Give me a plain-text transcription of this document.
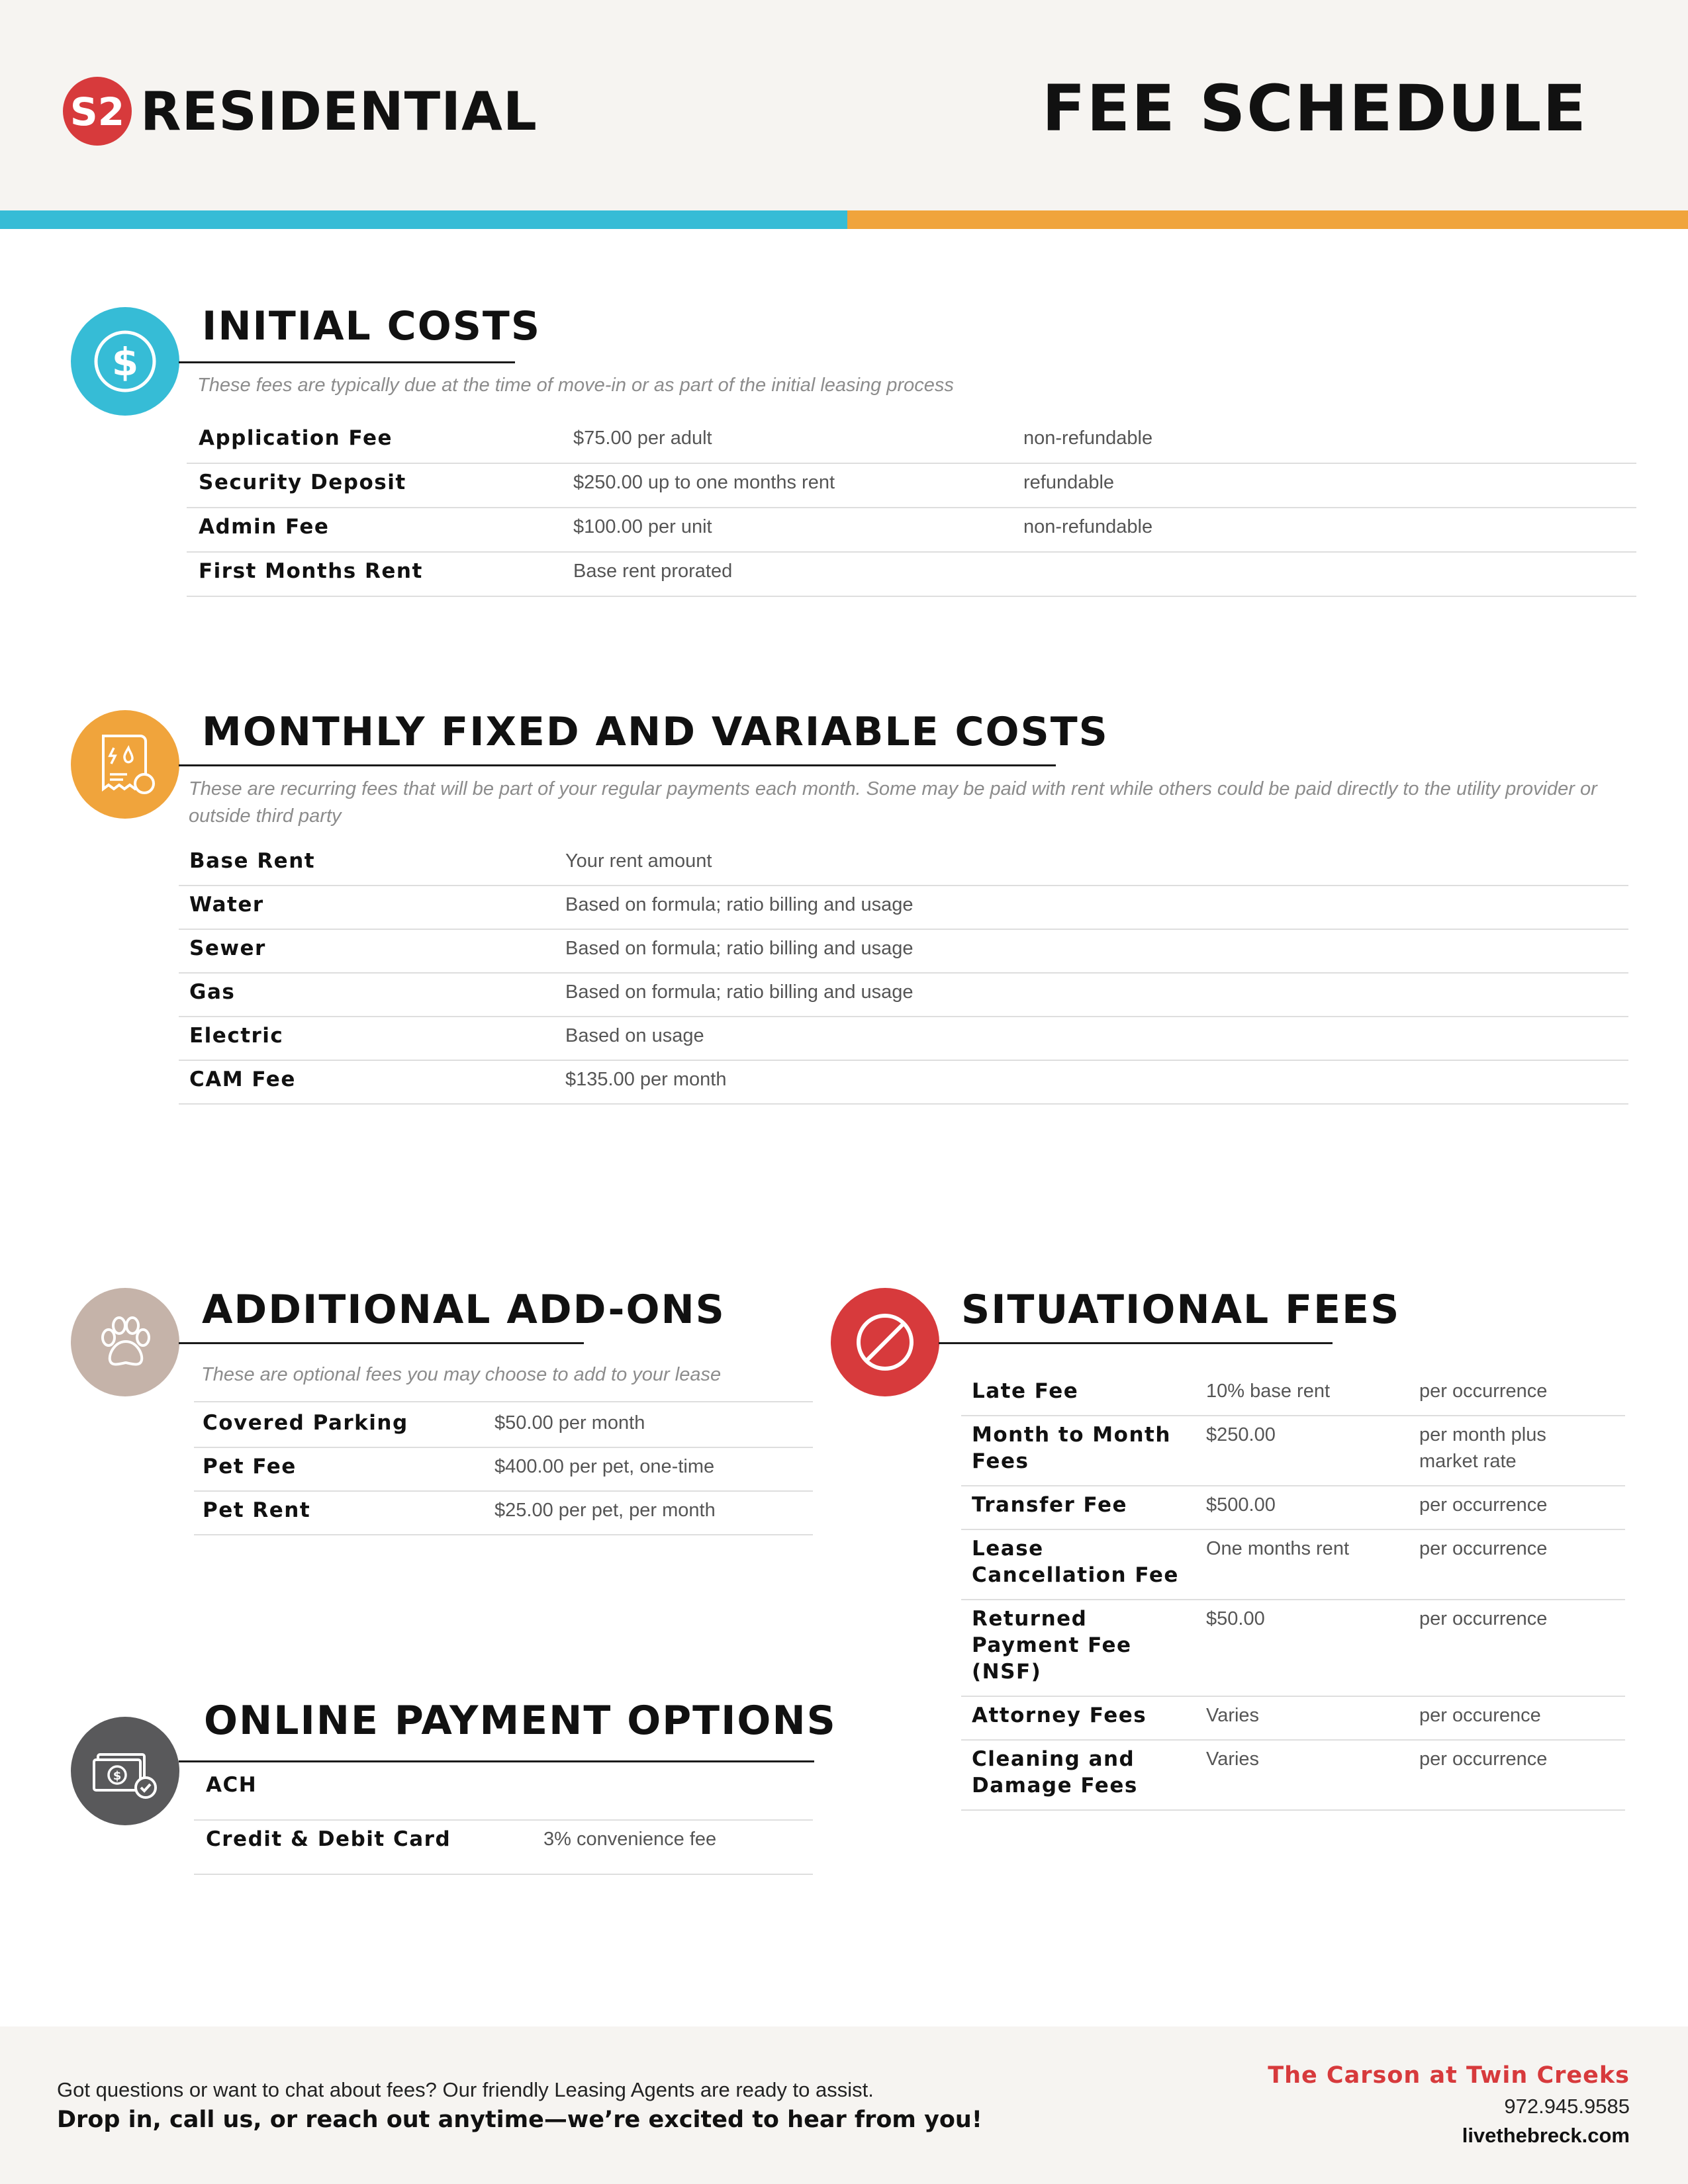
S2 RESIDENTIAL	FEE SCHEDULE
$
INITIAL COSTS
These fees are typically due at the time of move-in or as part of the initial leasing process
Application Fee	$75.00 per adult	non-refundable
Security Deposit	$250.00 up to one months rent	refundable
Admin Fee	$100.00 per unit	non-refundable
First Months Rent	Base rent prorated
MONTHLY FIXED AND VARIABLE COSTS
These are recurring fees that will be part of your regular payments each month. Some may be paid with rent while others could be paid directly to the utility provider or outside third party
Base Rent	Your rent amount
Water	Based on formula; ratio billing and usage
Sewer	Based on formula; ratio billing and usage
Gas	Based on formula; ratio billing and usage
Electric	Based on usage
CAM Fee	$135.00 per month
ADDITIONAL ADD-ONS
These are optional fees you may choose to add to your lease
Covered Parking	$50.00 per month
Pet Fee	$400.00 per pet, one-time
Pet Rent	$25.00 per pet, per month
$
ONLINE PAYMENT OPTIONS
ACH
Credit & Debit Card	3% convenience fee
SITUATIONAL FEES
Late Fee	10% base rent	per occurrence
Month to Month
Fees
$250.00	per month plus
market rate
Transfer Fee	$500.00	per occurrence
Lease
Cancellation Fee
One months rent	per occurrence
Returned
Payment Fee
(NSF)
$50.00	per occurrence
Attorney Fees	Varies	per occurence
Cleaning and
Damage Fees
Varies	per occurrence
Got questions or want to chat about fees? Our friendly Leasing Agents are ready to assist.
Drop in, call us, or reach out anytime—we’re excited to hear from you!
The Carson at Twin Creeks
972.945.9585
livethebreck.com
